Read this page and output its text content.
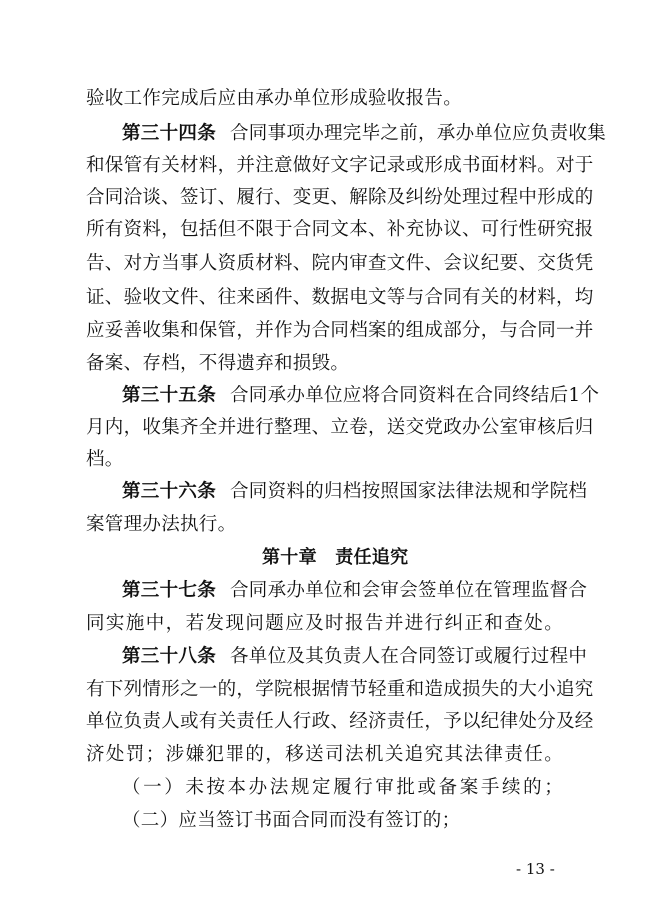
验收工作完成后应由承办单位形成验收报告。
第三十四条 合同事项办理完毕之前，承办单位应负责收集
和保管有关材料，并注意做好文字记录或形成书面材料。对于
合同洽谈、签订、履行、变更、解除及纠纷处理过程中形成的
所有资料，包括但不限于合同文本、补充协议、可行性研究报
告、对方当事人资质材料、院内审查文件、会议纪要、交货凭
证、验收文件、往来函件、数据电文等与合同有关的材料，均
应妥善收集和保管，并作为合同档案的组成部分，与合同一并
备案、存档，不得遗弃和损毁。
第三十五条 合同承办单位应将合同资料在合同终结后1个
月内，收集齐全并进行整理、立卷，送交党政办公室审核后归
档。
第三十六条 合同资料的归档按照国家法律法规和学院档
案管理办法执行。
第十章　责任追究
第三十七条 合同承办单位和会审会签单位在管理监督合
同实施中，若发现问题应及时报告并进行纠正和查处。
第三十八条 各单位及其负责人在合同签订或履行过程中
有下列情形之一的，学院根据情节轻重和造成损失的大小追究
单位负责人或有关责任人行政、经济责任，予以纪律处分及经
济处罚；涉嫌犯罪的，移送司法机关追究其法律责任。
（一）未按本办法规定履行审批或备案手续的；
（二）应当签订书面合同而没有签订的；
- 13 -
